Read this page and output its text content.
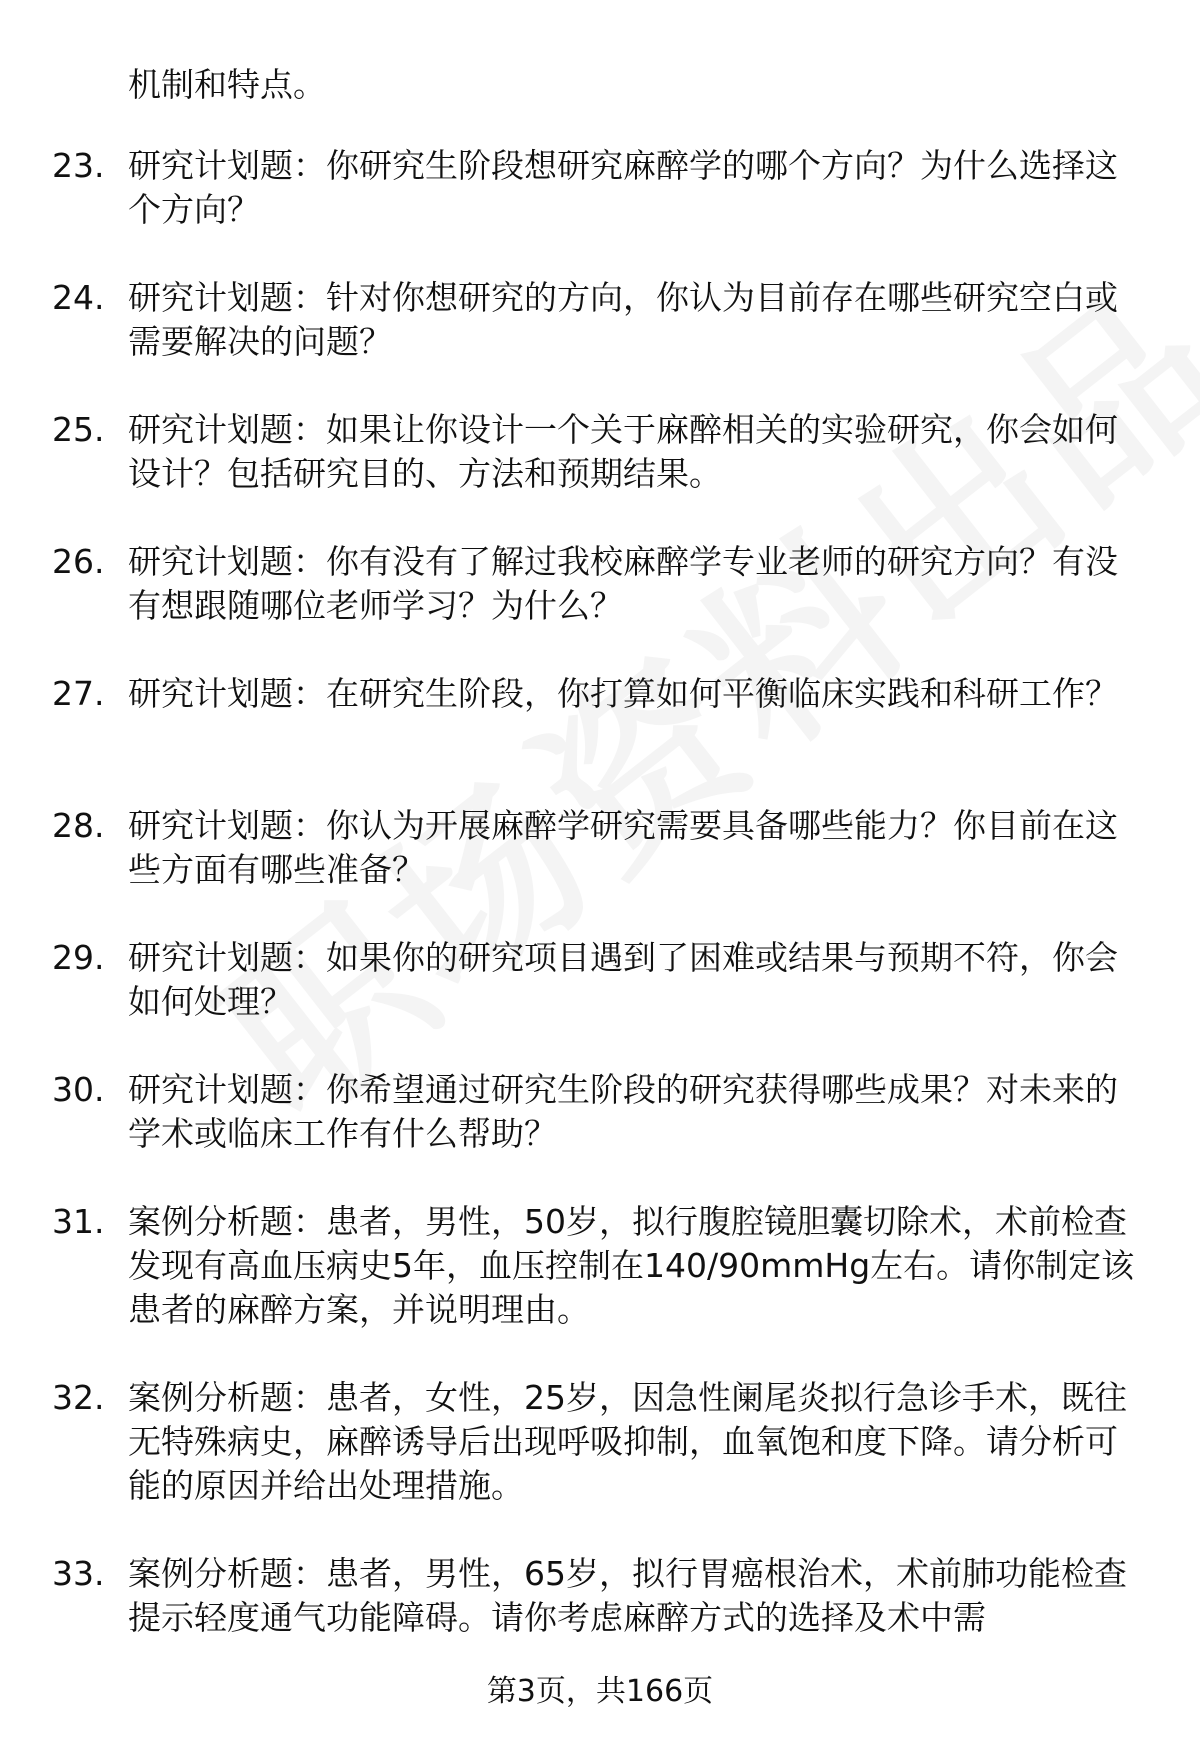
机制和特点。
23. 研究计划题：你研究生阶段想研究麻醉学的哪个方向？为什么选择这个方向？
24. 研究计划题：针对你想研究的方向，你认为目前存在哪些研究空白或需要解决的问题？
25. 研究计划题：如果让你设计一个关于麻醉相关的实验研究，你会如何设计？包括研究目的、方法和预期结果。
26. 研究计划题：你有没有了解过我校麻醉学专业老师的研究方向？有没有想跟随哪位老师学习？为什么？
27. 研究计划题：在研究生阶段，你打算如何平衡临床实践和科研工作？
28. 研究计划题：你认为开展麻醉学研究需要具备哪些能力？你目前在这些方面有哪些准备？
29. 研究计划题：如果你的研究项目遇到了困难或结果与预期不符，你会如何处理？
30. 研究计划题：你希望通过研究生阶段的研究获得哪些成果？对未来的学术或临床工作有什么帮助？
31. 案例分析题：患者，男性，50岁，拟行腹腔镜胆囊切除术，术前检查发现有高血压病史5年，血压控制在140/90mmHg左右。请你制定该患者的麻醉方案，并说明理由。
32. 案例分析题：患者，女性，25岁，因急性阑尾炎拟行急诊手术，既往无特殊病史，麻醉诱导后出现呼吸抑制，血氧饱和度下降。请分析可能的原因并给出处理措施。
33. 案例分析题：患者，男性，65岁，拟行胃癌根治术，术前肺功能检查提示轻度通气功能障碍。请你考虑麻醉方式的选择及术中需
第3页，共166页
